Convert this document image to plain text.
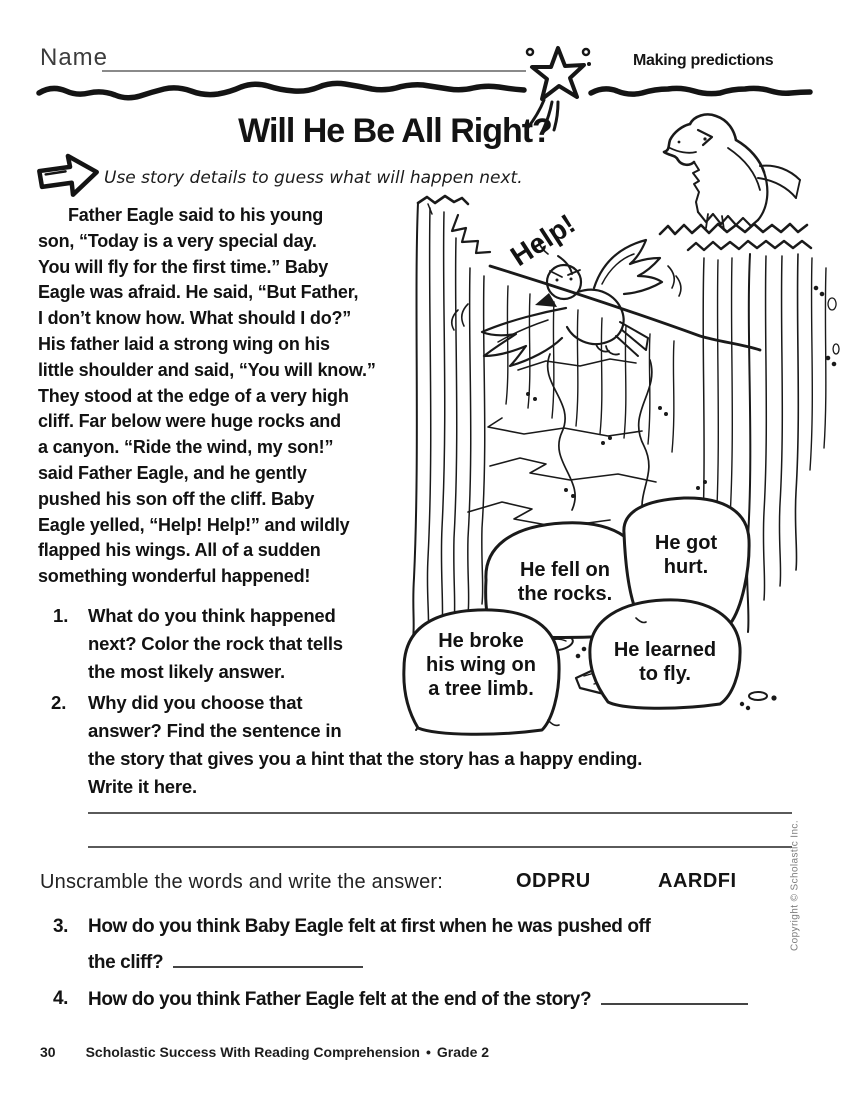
Name	Making predictions
Will He Be All Right?
Use story details to guess what will happen next.
Father Eagle said to his young
son, “Today is a very special day.
You will fly for the first time.” Baby
Eagle was afraid. He said, “But Father,
I don’t know how. What should I do?”
His father laid a strong wing on his
little shoulder and said, “You will know.”
They stood at the edge of a very high
cliff. Far below were huge rocks and
a canyon. “Ride the wind, my son!”
said Father Eagle, and he gently
pushed his son off the cliff. Baby
Eagle yelled, “Help! Help!” and wildly
flapped his wings. All of a sudden
something wonderful happened!
1. What do you think happened
next? Color the rock that tells
the most likely answer.
2. Why did you choose that
answer? Find the sentence in
the story that gives you a hint that the story has a happy ending.
Write it here.
Unscramble the words and write the answer:	ODPRU	AARDFI
3. How do you think Baby Eagle felt at first when he was pushed off
the cliff?
4. How do you think Father Eagle felt at the end of the story?
30 Scholastic Success With Reading Comprehension • Grade 2
Copyright © Scholastic Inc.
Help!
He fell on
the rocks.
He got
hurt.
He broke
his wing on
a tree limb.
He learned
to fly.
